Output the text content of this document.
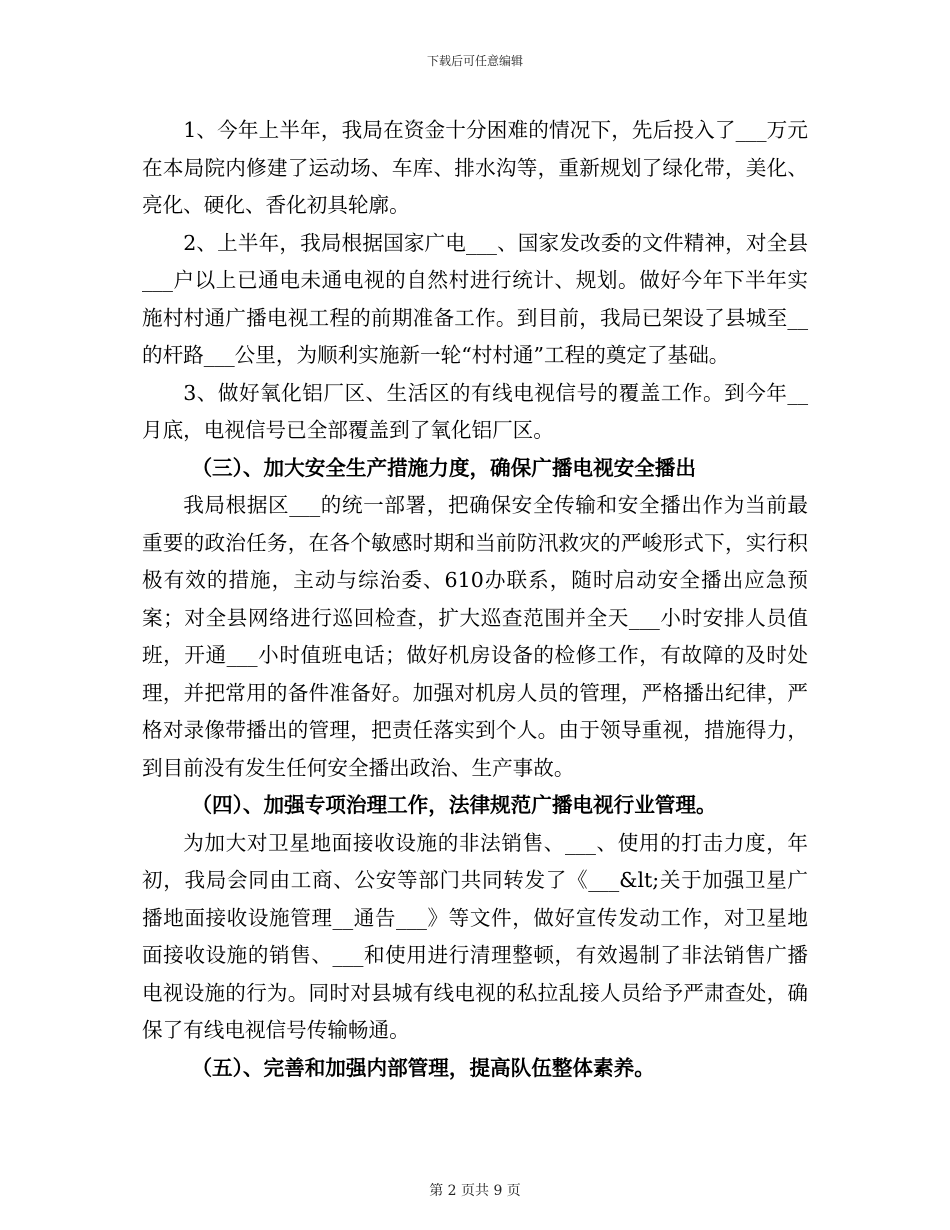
下载后可任意编辑

1、今年上半年，我局在资金十分困难的情况下，先后投入了___万元在本局院内修建了运动场、车库、排水沟等，重新规划了绿化带，美化、亮化、硬化、香化初具轮廓。

2、上半年，我局根据国家广电___、国家发改委的文件精神，对全县___户以上已通电未通电视的自然村进行统计、规划。做好今年下半年实施村村通广播电视工程的前期准备工作。到目前，我局已架设了县城至__的杆路___公里，为顺利实施新一轮“村村通”工程的奠定了基础。

3、做好氧化铝厂区、生活区的有线电视信号的覆盖工作。到今年__月底，电视信号已全部覆盖到了氧化铝厂区。

（三）、加大安全生产措施力度，确保广播电视安全播出

我局根据区___的统一部署，把确保安全传输和安全播出作为当前最重要的政治任务，在各个敏感时期和当前防汛救灾的严峻形式下，实行积极有效的措施，主动与综治委、610办联系，随时启动安全播出应急预案；对全县网络进行巡回检查，扩大巡查范围并全天___小时安排人员值班，开通___小时值班电话；做好机房设备的检修工作，有故障的及时处理，并把常用的备件准备好。加强对机房人员的管理，严格播出纪律，严格对录像带播出的管理，把责任落实到个人。由于领导重视，措施得力，到目前没有发生任何安全播出政治、生产事故。

（四）、加强专项治理工作，法律规范广播电视行业管理。

为加大对卫星地面接收设施的非法销售、___、使用的打击力度，年初，我局会同由工商、公安等部门共同转发了《___&lt;关于加强卫星广播地面接收设施管理__通告___》等文件，做好宣传发动工作，对卫星地面接收设施的销售、___和使用进行清理整顿，有效遏制了非法销售广播电视设施的行为。同时对县城有线电视的私拉乱接人员给予严肃查处，确保了有线电视信号传输畅通。

（五）、完善和加强内部管理，提高队伍整体素养。

第 2 页共 9 页
